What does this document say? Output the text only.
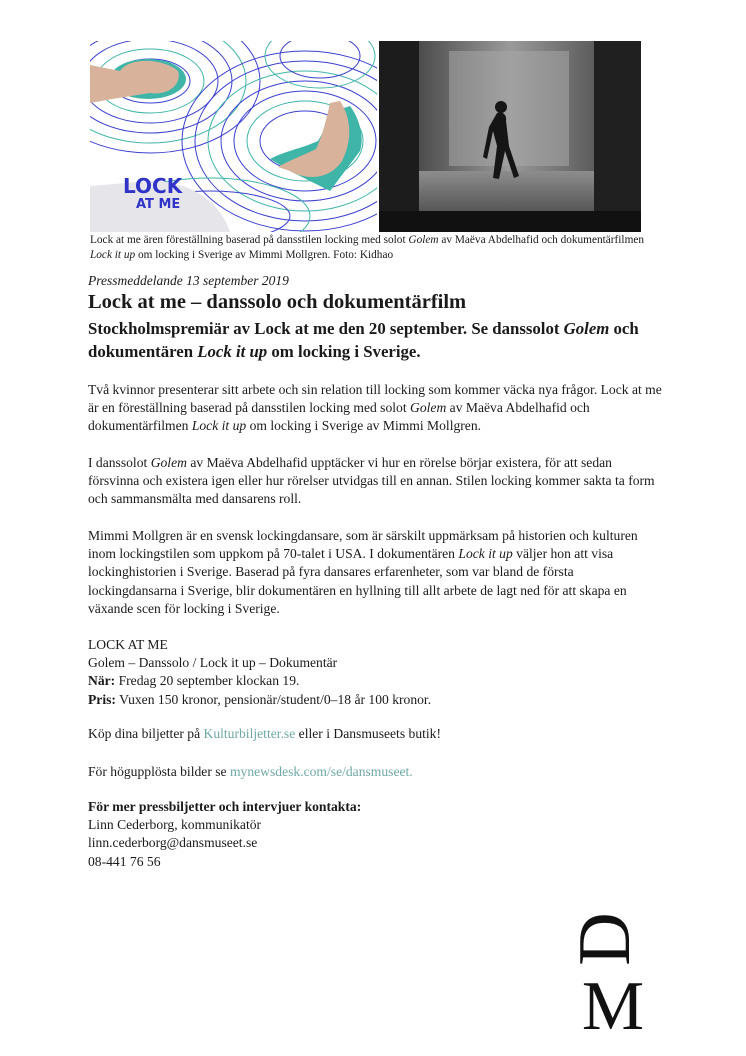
LOCK
AT ME
Lock at me ären föreställning baserad på dansstilen locking med solot Golem av Maëva Abdelhafid och dokumentärfilmen Lock it up om locking i Sverige av Mimmi Mollgren. Foto: Kidhao
Pressmeddelande 13 september 2019
Lock at me – danssolo och dokumentärfilm
Stockholmspremiär av Lock at me den 20 september. Se danssolot Golem och dokumentären Lock it up om locking i Sverige.

Två kvinnor presenterar sitt arbete och sin relation till locking som kommer väcka nya frågor. Lock at me är en föreställning baserad på dansstilen locking med solot Golem av Maëva Abdelhafid och dokumentärfilmen Lock it up om locking i Sverige av Mimmi Mollgren.

I danssolot Golem av Maëva Abdelhafid upptäcker vi hur en rörelse börjar existera, för att sedan försvinna och existera igen eller hur rörelser utvidgas till en annan. Stilen locking kommer sakta ta form och sammansmälta med dansarens roll.

Mimmi Mollgren är en svensk lockingdansare, som är särskilt uppmärksam på historien och kulturen inom lockingstilen som uppkom på 70-talet i USA. I dokumentären Lock it up väljer hon att visa lockinghistorien i Sverige. Baserad på fyra dansares erfarenheter, som var bland de första lockingdansarna i Sverige, blir dokumentären en hyllning till allt arbete de lagt ned för att skapa en växande scen för locking i Sverige.

LOCK AT ME
Golem – Danssolo / Lock it up – Dokumentär
När: Fredag 20 september klockan 19.
Pris: Vuxen 150 kronor, pensionär/student/0–18 år 100 kronor.
Köp dina biljetter på Kulturbiljetter.se eller i Dansmuseets butik!
För högupplösta bilder se mynewsdesk.com/se/dansmuseet.
För mer pressbiljetter och intervjuer kontakta:
Linn Cederborg, kommunikatör
linn.cederborg@dansmuseet.se
08-441 76 56
D
M
